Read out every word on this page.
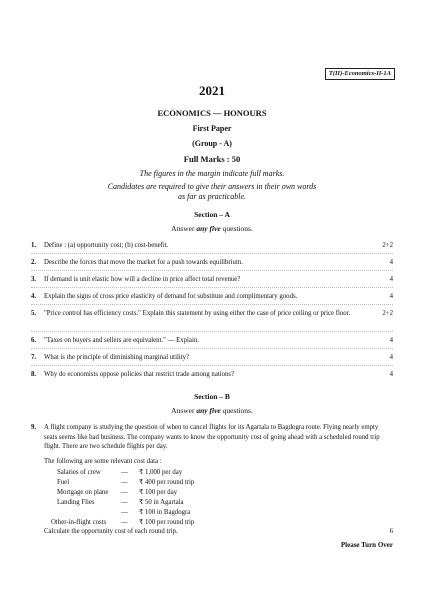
T(II)-Economics-II-1A
2021
ECONOMICS — HONOURS
First Paper
(Group - A)
Full Marks : 50
The figures in the margin indicate full marks.
Candidates are required to give their answers in their own words
as far as practicable.
Section – A
Answer any five questions.
1.	Define : (a) opportunity cost; (b) cost-benefit.	2+2
2.	Describe the forces that move the market for a push towards equilibrium.	4
3.	If demand is unit elastic how will a decline in price affect total revenue?	4
4.	Explain the signs of cross price elasticity of demand for substitute and complimentary goods.	4
5.	"Price control has efficiency costs." Explain this statement by using either the case of price ceiling or price floor.	2+2
6.	"Taxes on buyers and sellers are equivalent." — Explain.	4
7.	What is the principle of diminishing marginal utility?	4
8.	Why do economists oppose policies that restrict trade among nations?	4
Section – B
Answer any five questions.
9.	A flight company is studying the question of when to cancel flights for its Agartala to Bagdogra route. Flying nearly empty seats seems like bad business. The company wants to know the opportunity cost of going ahead with a scheduled round trip flight. There are two schedule flights per day.
The following are some relevant cost data :
Salaries of crew	—	₹ 1,000 per day
Fuel	—	₹ 400 per round trip
Mortgage on plane	—	₹ 100 per day
Landing Flies	—	₹ 50 in Agartala
—	₹ 100 in Bagdogra
Other-in-flight costs	—	₹ 100 per round trip
Calculate the opportunity cost of each round trip.	6
Please Turn Over
